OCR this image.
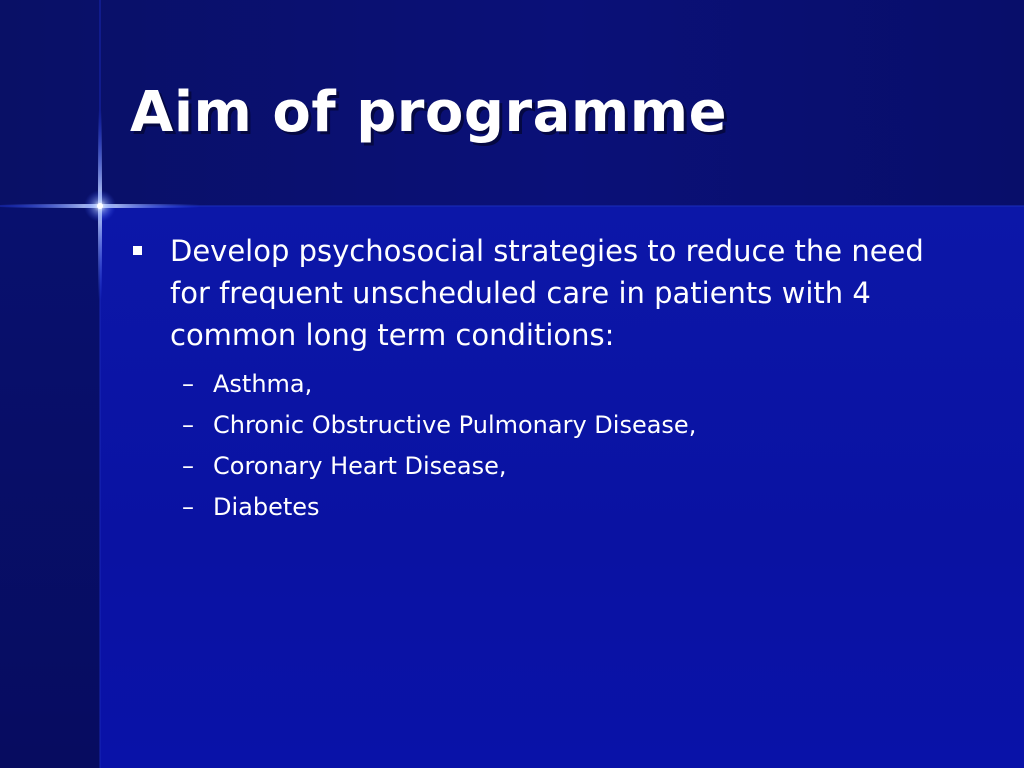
Aim of programme
Develop psychosocial strategies to reduce the need for frequent unscheduled care in patients with 4 common long term conditions:
– Asthma,
– Chronic Obstructive Pulmonary Disease,
– Coronary Heart Disease,
– Diabetes
